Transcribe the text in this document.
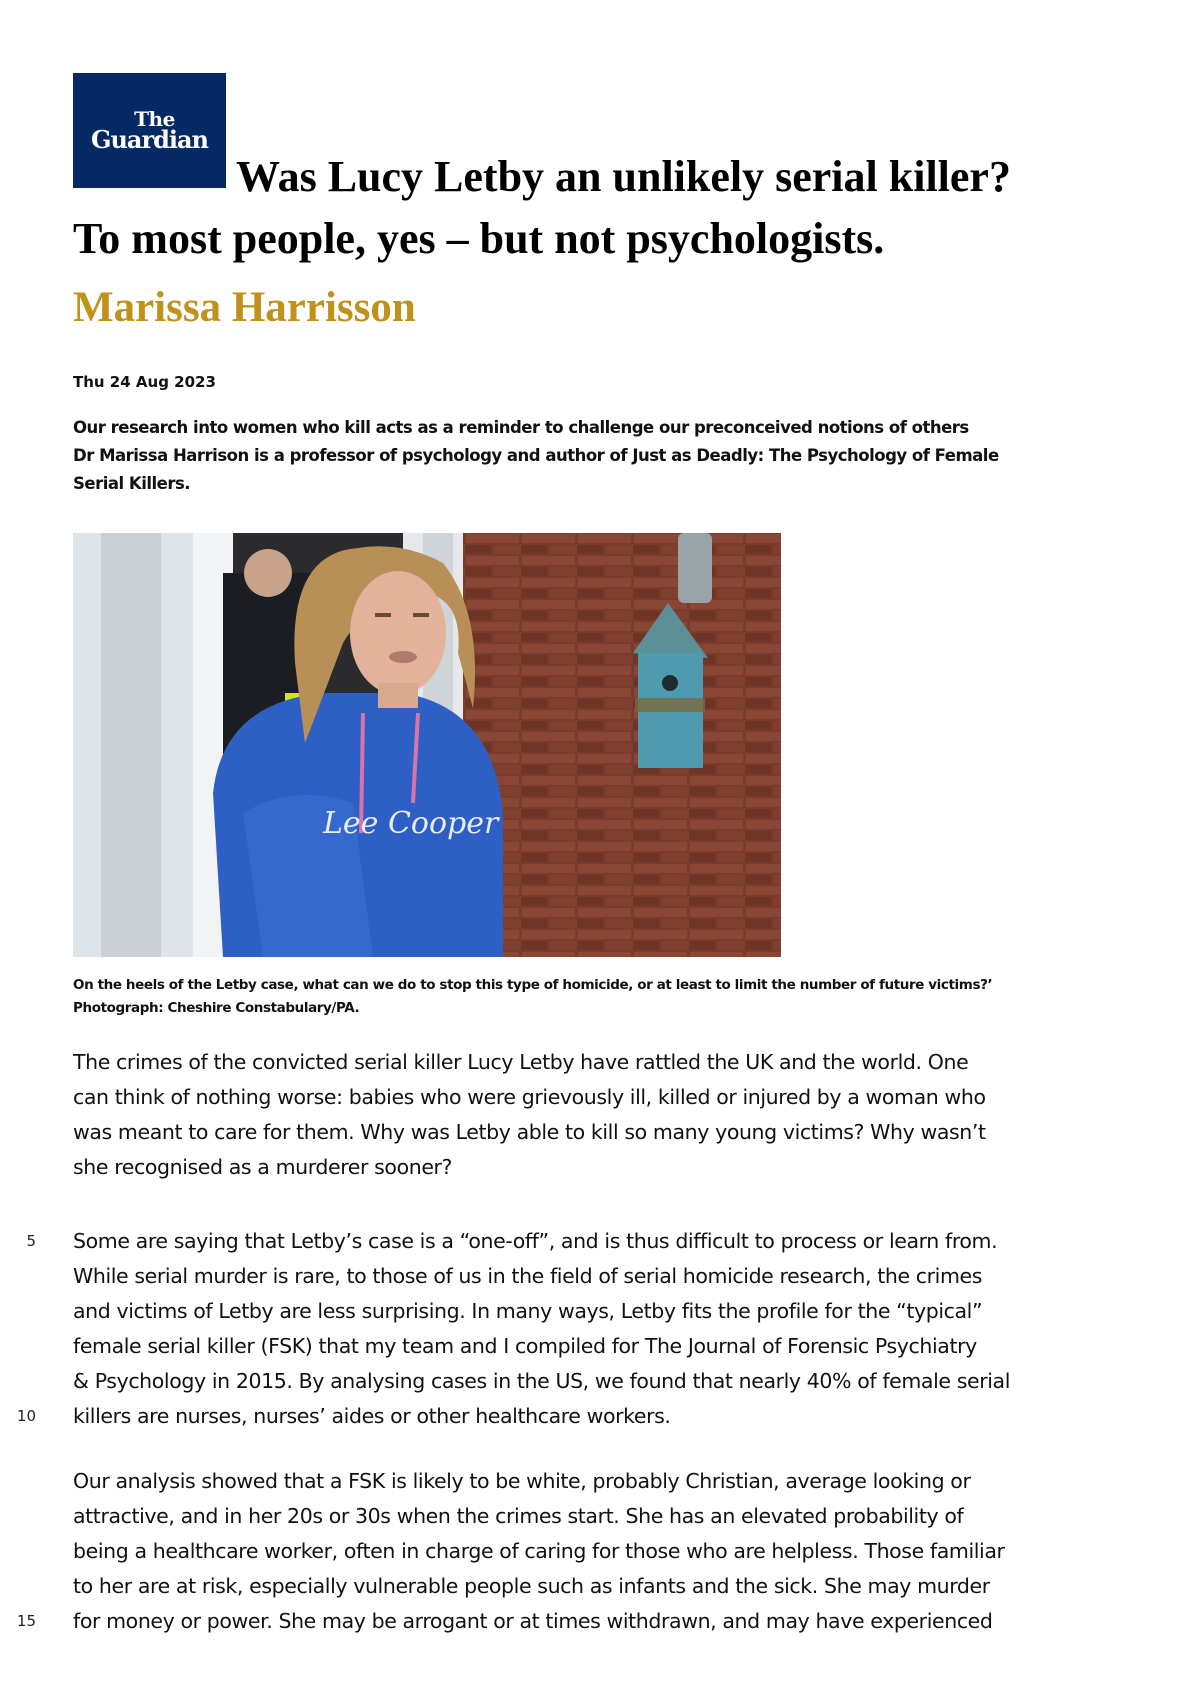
The
Guardian
Was Lucy Letby an unlikely serial killer?
To most people, yes – but not psychologists.
Marissa Harrisson
Thu 24 Aug 2023
Our research into women who kill acts as a reminder to challenge our preconceived notions of others
Dr Marissa Harrison is a professor of psychology and author of Just as Deadly: The Psychology of Female
Serial Killers.
Lee Cooper
On the heels of the Letby case, what can we do to stop this type of homicide, or at least to limit the number of future victims?’
Photograph: Cheshire Constabulary/PA.
The crimes of the convicted serial killer Lucy Letby have rattled the UK and the world. One
can think of nothing worse: babies who were grievously ill, killed or injured by a woman who
was meant to care for them. Why was Letby able to kill so many young victims? Why wasn’t
she recognised as a murderer sooner?
Some are saying that Letby’s case is a “one-off”, and is thus difficult to process or learn from.
While serial murder is rare, to those of us in the field of serial homicide research, the crimes
and victims of Letby are less surprising. In many ways, Letby fits the profile for the “typical”
female serial killer (FSK) that my team and I compiled for The Journal of Forensic Psychiatry
& Psychology in 2015. By analysing cases in the US, we found that nearly 40% of female serial
killers are nurses, nurses’ aides or other healthcare workers.
Our analysis showed that a FSK is likely to be white, probably Christian, average looking or
attractive, and in her 20s or 30s when the crimes start. She has an elevated probability of
being a healthcare worker, often in charge of caring for those who are helpless. Those familiar
to her are at risk, especially vulnerable people such as infants and the sick. She may murder
for money or power. She may be arrogant or at times withdrawn, and may have experienced
5
10
15
